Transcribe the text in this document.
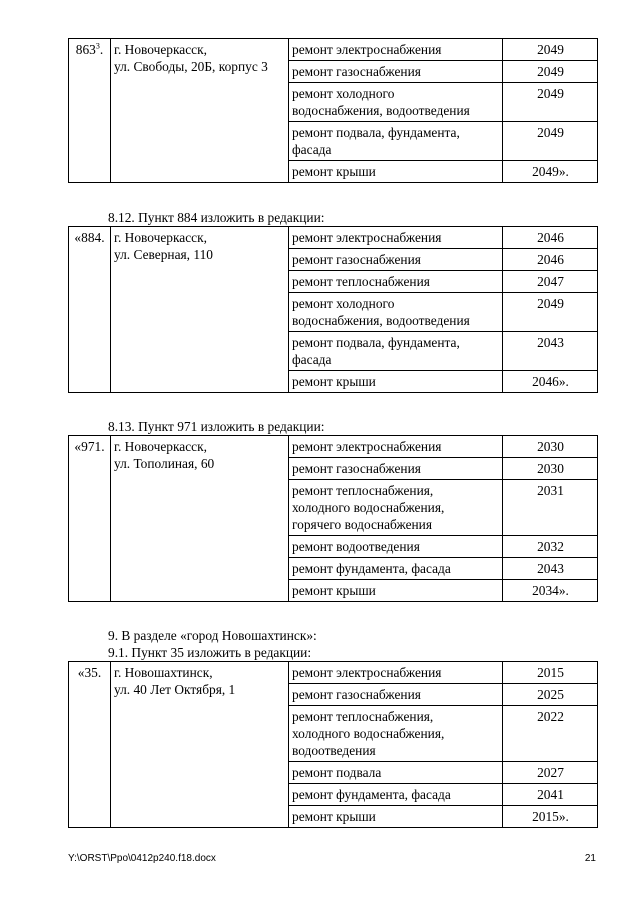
$863^3$.	г. Новочеркасск,
ул. Свободы, 20Б, корпус 3	ремонт электроснабжения	2049
		ремонт газоснабжения	2049

		ремонт холодного
водоснабжения, водоотведения	2049

		ремонт подвала, фундамента,
фасада	2049
		ремонт крыши	2049».
8.12. Пункт 884 изложить в редакции:
«884.	г. Новочеркасск,
ул. Северная, 110	ремонт электроснабжения	2046
		ремонт газоснабжения	2046
		ремонт теплоснабжения	2047

		ремонт холодного
водоснабжения, водоотведения	2049

		ремонт подвала, фундамента,
фасада	2043
		ремонт крыши	2046».
8.13. Пункт 971 изложить в редакции:
«971.	г. Новочеркасск,
ул. Тополиная, 60	ремонт электроснабжения	2030
		ремонт газоснабжения	2030

		ремонт теплоснабжения,
холодного водоснабжения,
горячего водоснабжения	2031
		ремонт водоотведения	2032
		ремонт фундамента, фасада	2043
		ремонт крыши	2034».
9. В разделе «город Новошахтинск»:
9.1. Пункт 35 изложить в редакции:
«35.	г. Новошахтинск,
ул. 40 Лет Октября, 1	ремонт электроснабжения	2015
		ремонт газоснабжения	2025

		ремонт теплоснабжения,
холодного водоснабжения,
водоотведения	2022
		ремонт подвала	2027
		ремонт фундамента, фасада	2041
		ремонт крыши	2015».
Y:\ORST\Ppo\0412p240.f18.docx	21
